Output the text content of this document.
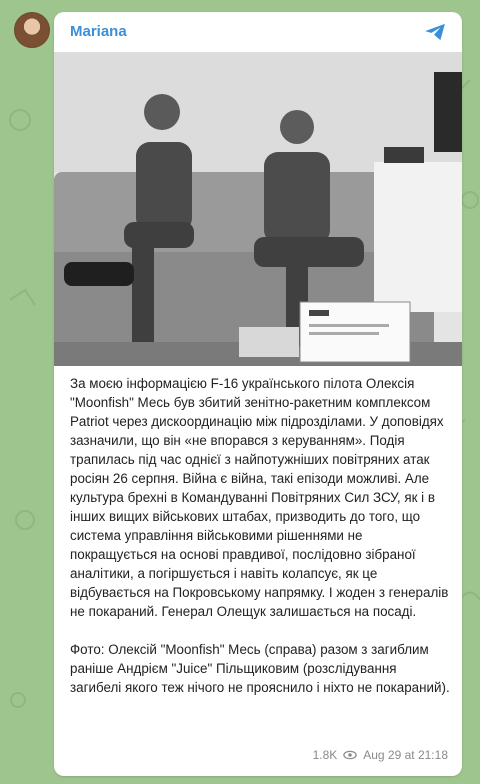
Mariana

За моєю інформацією F-16 українського пілота Олексія "Moonfish" Месь був збитий зенітно-ракетним комплексом Patriot через дискоординацію між підрозділами. У доповідях зазначили, що він «не впорався з керуванням». Подія трапилась під час однієї з найпотужніших повітряних атак росіян 26 серпня. Війна є війна, такі епізоди можливі. Але культура брехні в Командуванні Повітряних Сил ЗСУ, як і в інших вищих військових штабах, призводить до того, що система управління військовими рішеннями не покращується на основі правдивої, послідовно зібраної аналітики, а погіршується і навіть колапсує, як це відбувається на Покровському напрямку. І жоден з генералів не покараний. Генерал Олещук залишається на посаді.

Фото: Олексій "Moonfish" Месь (справа) разом з загиблим раніше Андрієм "Juice" Пільщиковим (розслідування загибелі якого теж нічого не прояснило і ніхто не покараний).

1.8K Aug 29 at 21:18
